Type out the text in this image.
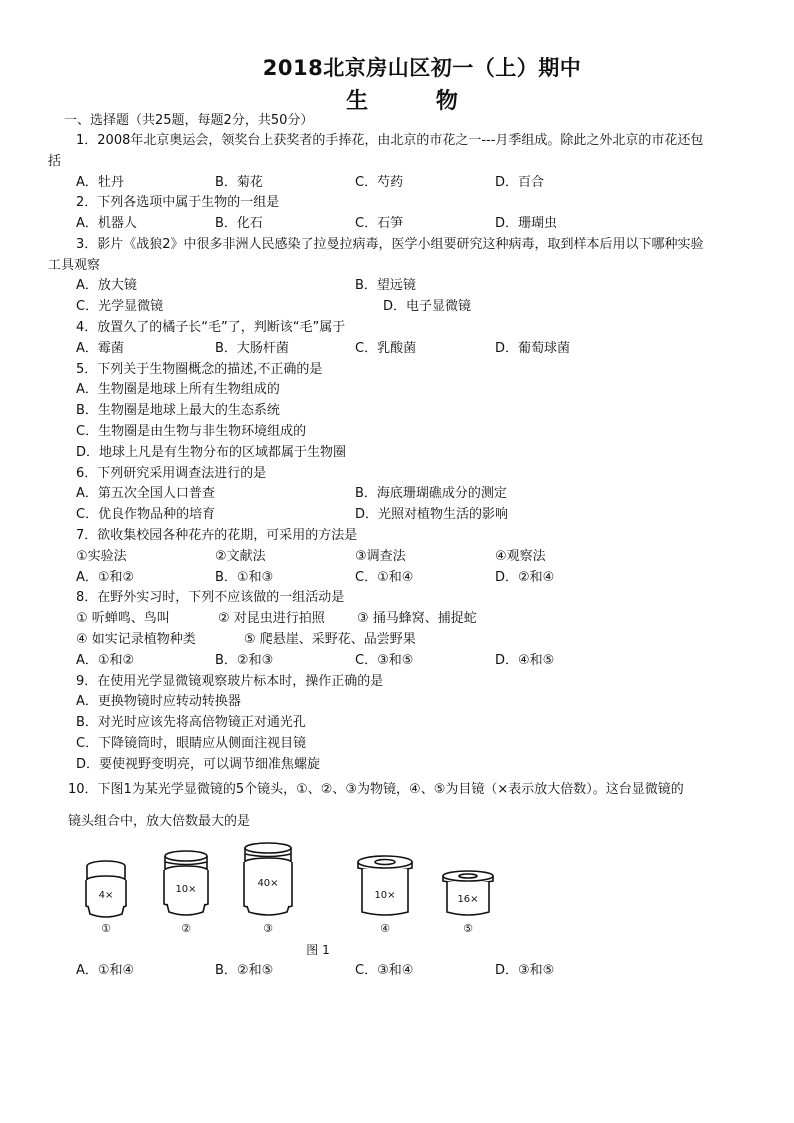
2018北京房山区初一（上）期中
生 物
一、选择题（共25题，每题2分，共50分）
1．2008年北京奥运会，领奖台上获奖者的手捧花，由北京的市花之一---月季组成。除此之外北京的市花还包
括
A．牡丹	B．菊花	C．芍药	D．百合
2．下列各选项中属于生物的一组是
A．机器人	B．化石	C．石笋	D．珊瑚虫
3．影片《战狼2》中很多非洲人民感染了拉曼拉病毒，医学小组要研究这种病毒，取到样本后用以下哪种实验
工具观察
A．放大镜	B．望远镜
C．光学显微镜	D．电子显微镜
4．放置久了的橘子长“毛”了，判断该“毛”属于
A．霉菌	B．大肠杆菌	C．乳酸菌	D．葡萄球菌
5．下列关于生物圈概念的描述,不正确的是
A．生物圈是地球上所有生物组成的
B．生物圈是地球上最大的生态系统
C．生物圈是由生物与非生物环境组成的
D．地球上凡是有生物分布的区域都属于生物圈
6．下列研究采用调查法进行的是
A．第五次全国人口普查	B．海底珊瑚礁成分的测定
C．优良作物品种的培育	D．光照对植物生活的影响
7．欲收集校园各种花卉的花期，可采用的方法是
①实验法	②文献法	③调查法	④观察法
A．①和②	B．①和③	C．①和④	D．②和④
8．在野外实习时，下列不应该做的一组活动是
① 听蝉鸣、鸟叫	② 对昆虫进行拍照 ③ 捅马蜂窝、捕捉蛇
④ 如实记录植物种类	⑤ 爬悬崖、采野花、品尝野果
A．①和②	B．②和③	C．③和⑤	D．④和⑤
9．在使用光学显微镜观察玻片标本时，操作正确的是
A．更换物镜时应转动转换器
B．对光时应该先将高倍物镜正对通光孔
C．下降镜筒时，眼睛应从侧面注视目镜
D．要使视野变明亮，可以调节细准焦螺旋
10．下图1为某光学显微镜的5个镜头，①、②、③为物镜，④、⑤为目镜（×表示放大倍数）。这台显微镜的
镜头组合中，放大倍数最大的是
4×
10×
40×
10×	16×
①	②	③	④	⑤
图 1
A．①和④	B．②和⑤	C．③和④	D．③和⑤
